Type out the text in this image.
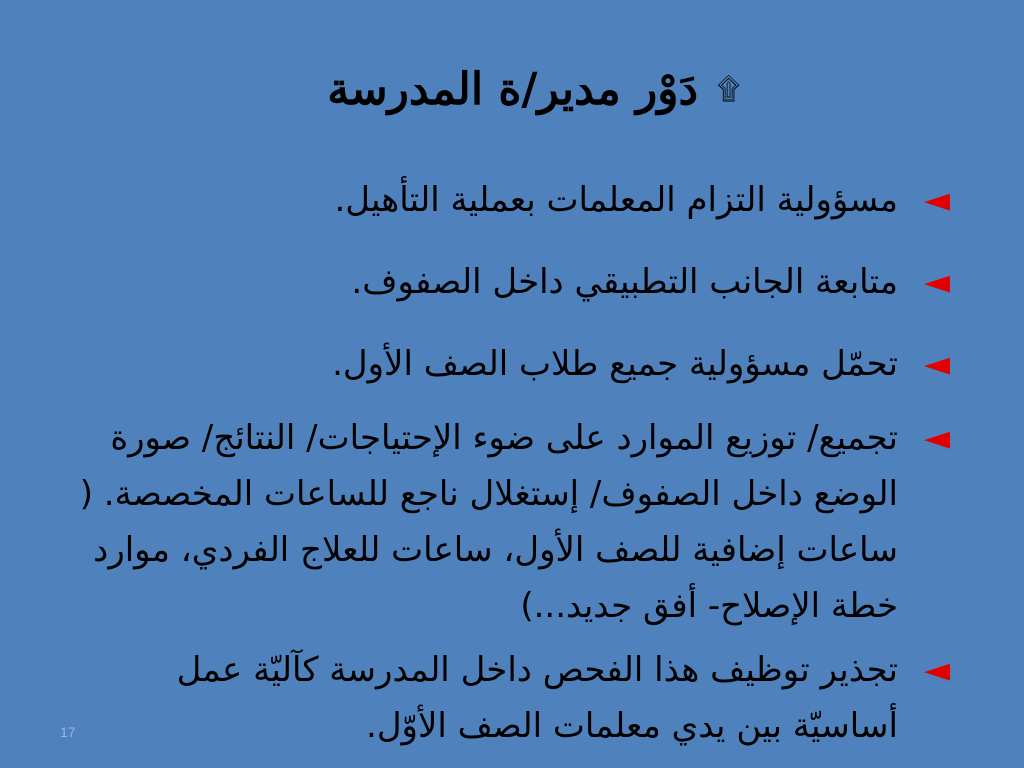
۩ دَوْر مدير/ة المدرسة
◄
مسؤولية التزام المعلمات بعملية التأهيل.
◄
متابعة الجانب التطبيقي داخل الصفوف.
◄
تحمّل مسؤولية جميع طلاب الصف الأول.
◄
تجميع/ توزيع الموارد على ضوء الإحتياجات/ النتائج/ صورة الوضع داخل الصفوف/ إستغلال ناجع للساعات المخصصة. ( ساعات إضافية للصف الأول، ساعات للعلاج الفردي، موارد خطة الإصلاح- أفق جديد...)
◄
تجذير توظيف هذا الفحص داخل المدرسة كآليّة عمل أساسيّة بين يدي معلمات الصف الأوّل.
17
